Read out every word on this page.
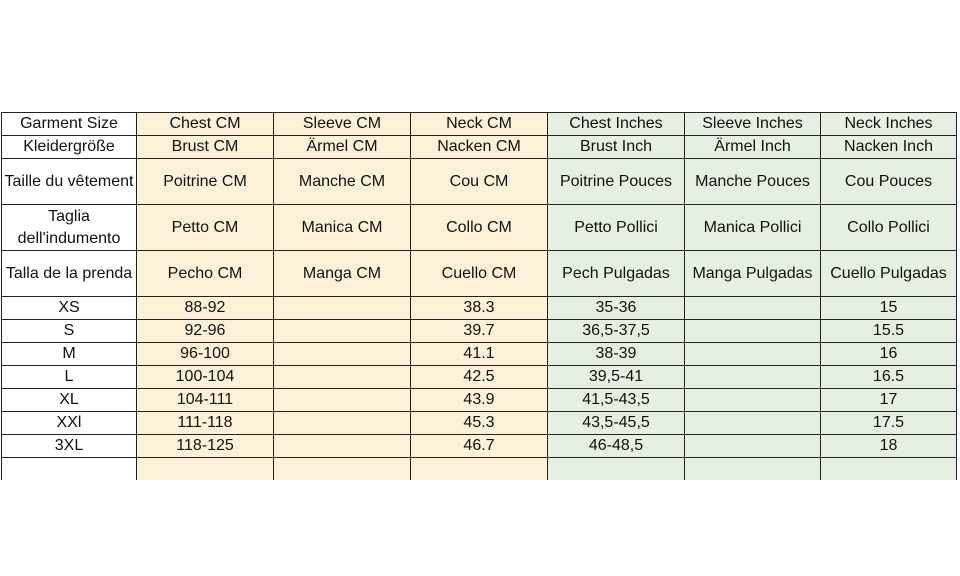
Garment Size	Chest CM	Sleeve CM	Neck CM	Chest Inches	Sleeve Inches	Neck Inches
Kleidergröße	Brust CM	Ärmel CM	Nacken CM	Brust Inch	Ärmel Inch	Nacken Inch
Taille du vêtement	Poitrine CM	Manche CM	Cou CM	Poitrine Pouces	Manche Pouces	Cou Pouces
Taglia dell'indumento	Petto CM	Manica CM	Collo CM	Petto Pollici	Manica Pollici	Collo Pollici
Talla de la prenda	Pecho CM	Manga CM	Cuello CM	Pech Pulgadas	Manga Pulgadas	Cuello Pulgadas
XS	88-92		38.3	35-36		15
S	92-96		39.7	36,5-37,5		15.5
M	96-100		41.1	38-39		16
L	100-104		42.5	39,5-41		16.5
XL	104-111		43.9	41,5-43,5		17
XXl	111-118		45.3	43,5-45,5		17.5
3XL	118-125		46.7	46-48,5		18
